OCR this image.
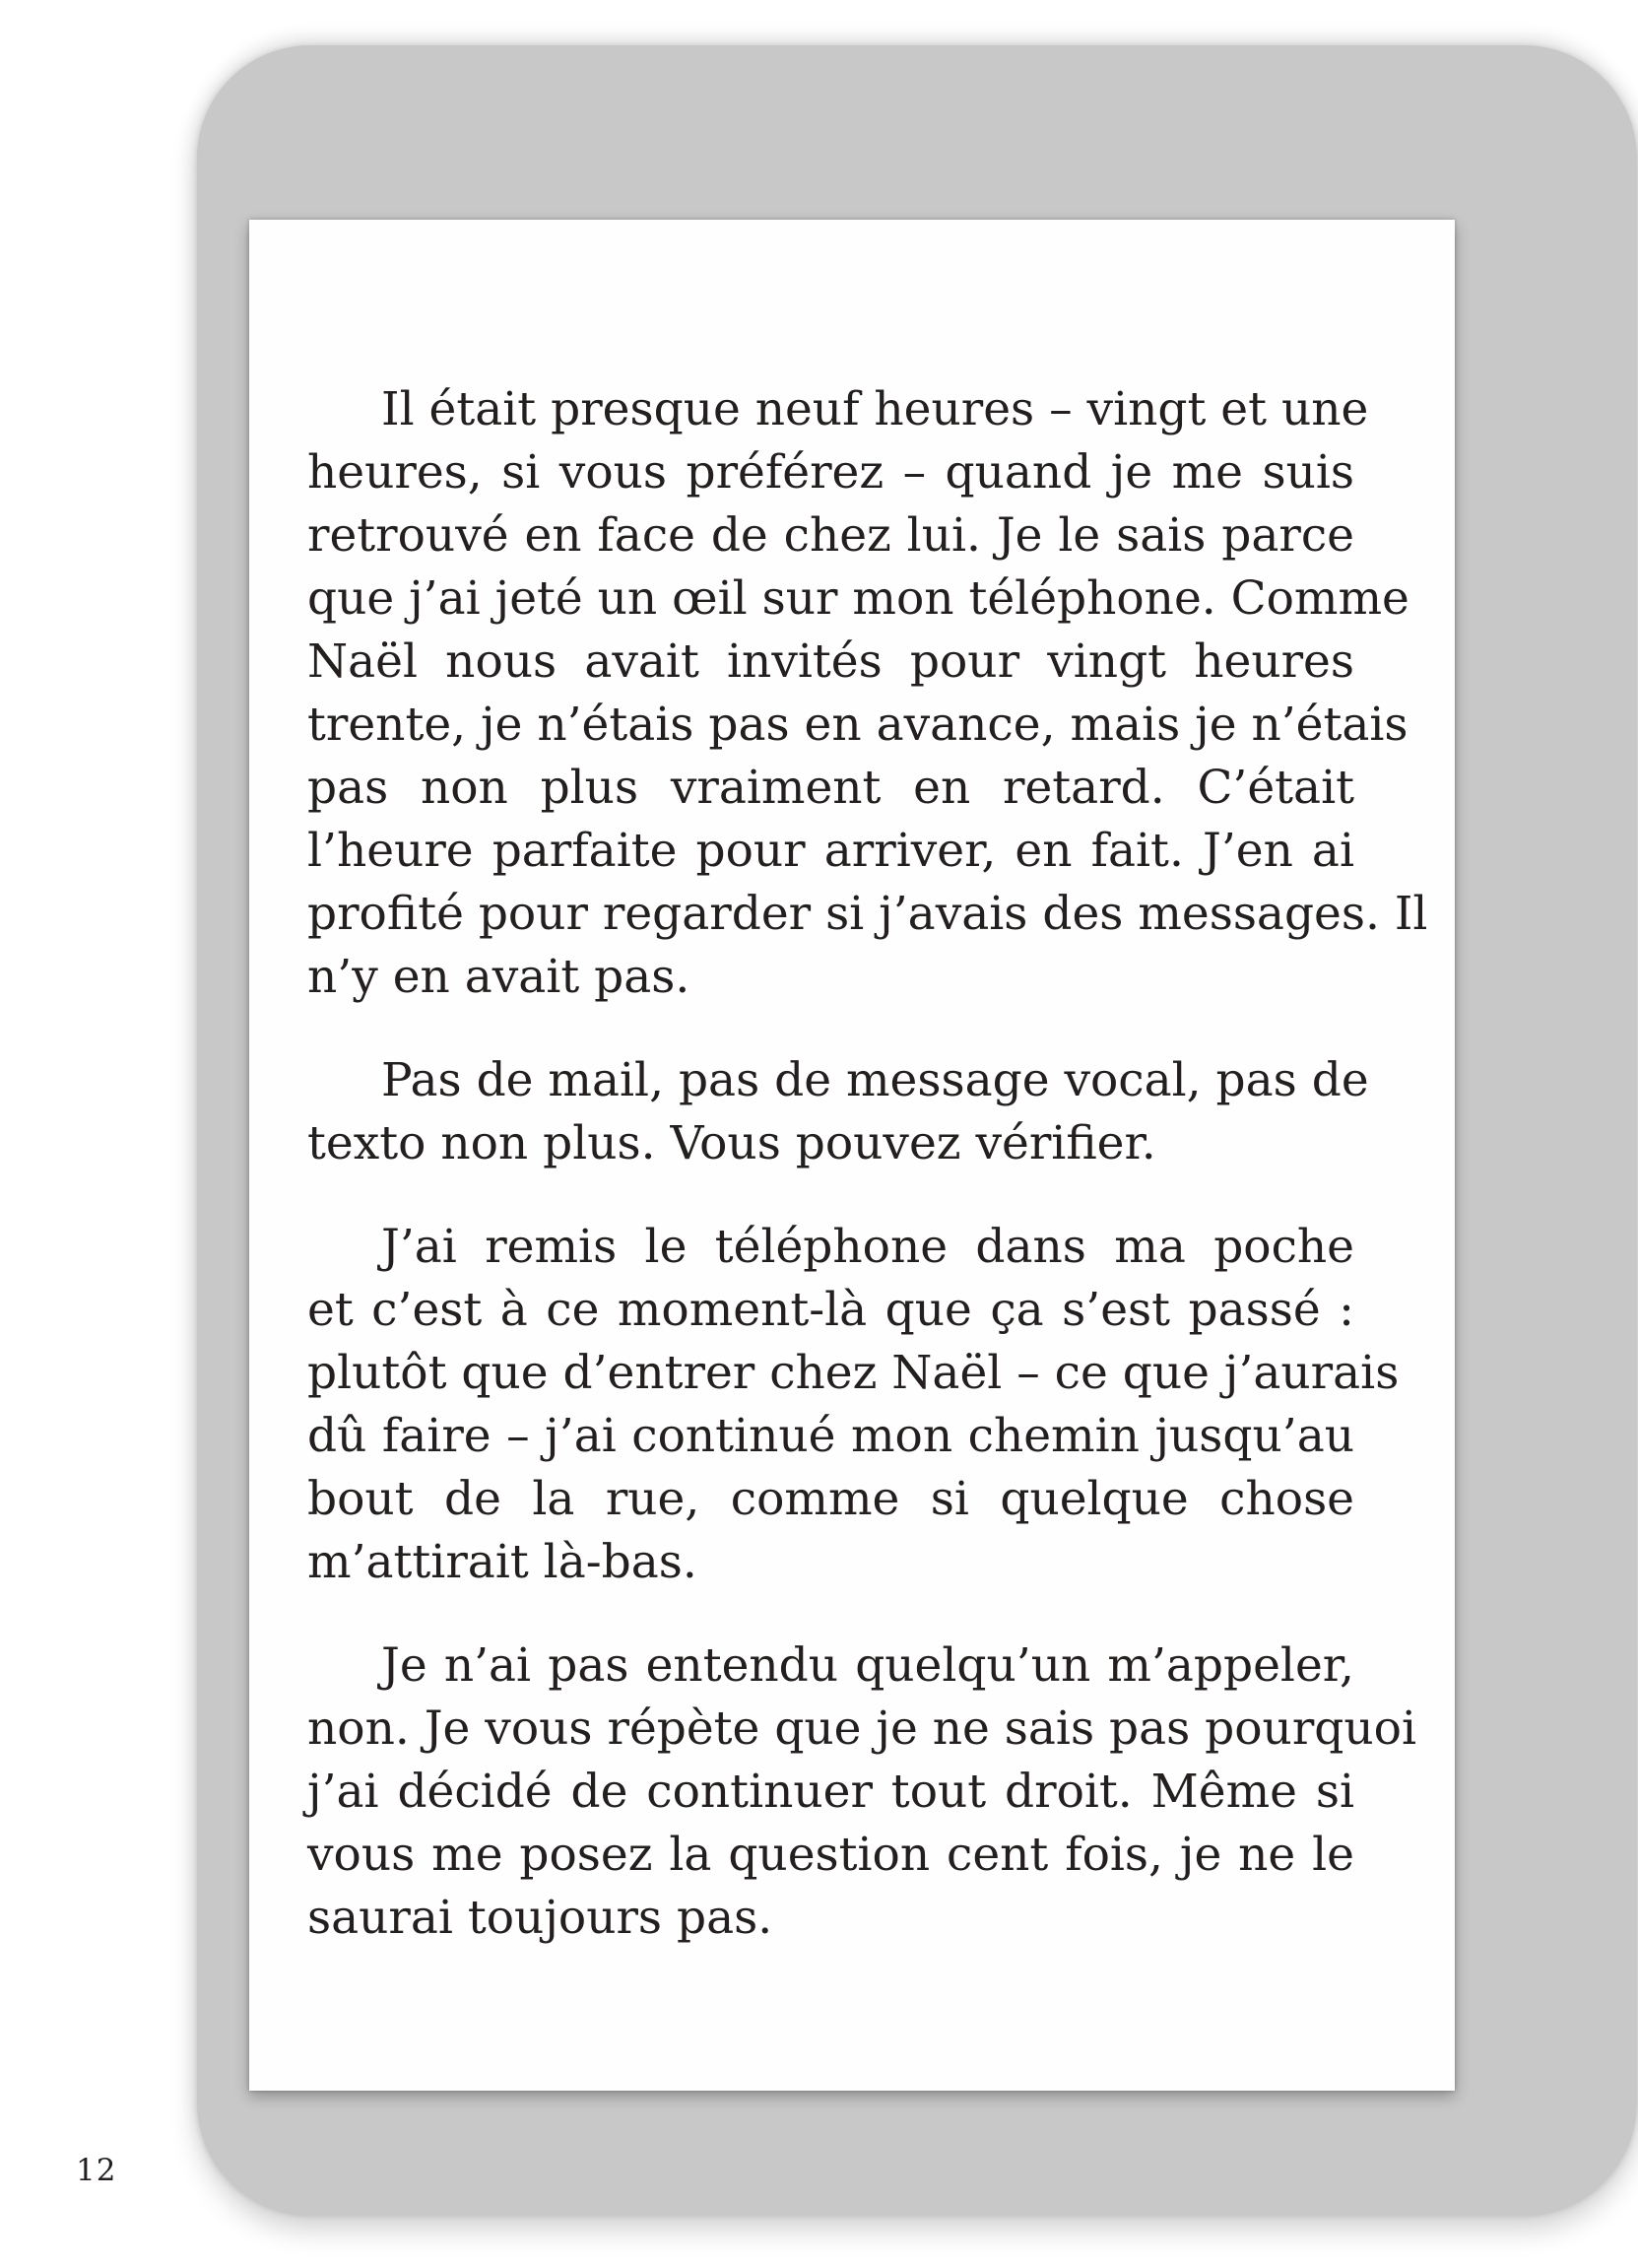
Il était presque neuf heures – vingt et une
heures, si vous préférez – quand je me suis
retrouvé en face de chez lui. Je le sais parce
que j’ai jeté un œil sur mon téléphone. Comme
Naël nous avait invités pour vingt heures
trente, je n’étais pas en avance, mais je n’étais
pas non plus vraiment en retard. C’était
l’heure parfaite pour arriver, en fait. J’en ai
profité pour regarder si j’avais des messages. Il
n’y en avait pas.

Pas de mail, pas de message vocal, pas de
texto non plus. Vous pouvez vérifier.

J’ai remis le téléphone dans ma poche
et c’est à ce moment-là que ça s’est passé :
plutôt que d’entrer chez Naël – ce que j’aurais
dû faire – j’ai continué mon chemin jusqu’au
bout de la rue, comme si quelque chose
m’attirait là-bas.

Je n’ai pas entendu quelqu’un m’appeler,
non. Je vous répète que je ne sais pas pourquoi
j’ai décidé de continuer tout droit. Même si
vous me posez la question cent fois, je ne le
saurai toujours pas.

12
